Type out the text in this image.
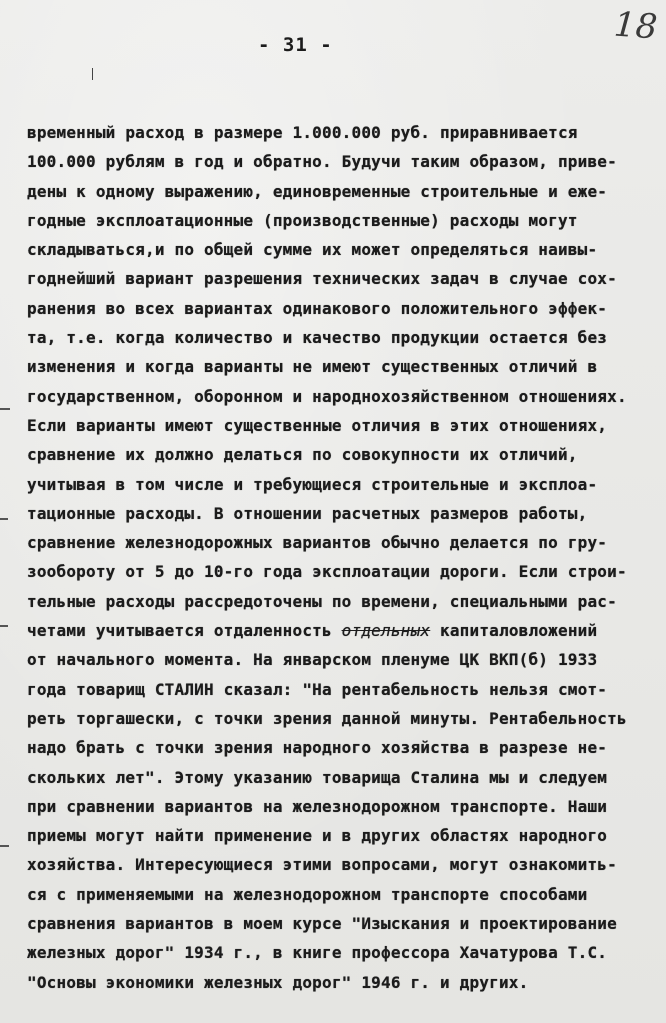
- 31 -	18
временный расход в размере 1.000.000 руб. приравнивается
100.000 рублям в год и обратно. Будучи таким образом, приве-
дены к одному выражению, единовременные строительные и еже-
годные эксплоатационные (производственные) расходы могут
складываться,и по общей сумме их может определяться наивы-
годнейший вариант разрешения технических задач в случае сох-
ранения во всех вариантах одинакового положительного эффек-
та, т.е. когда количество и качество продукции остается без
изменения и когда варианты не имеют существенных отличий в
государственном, оборонном и народнохозяйственном отношениях.
Если варианты имеют существенные отличия в этих отношениях,
сравнение их должно делаться по совокупности их отличий,
учитывая в том числе и требующиеся строительные и эксплоа-
тационные расходы. В отношении расчетных размеров работы,
сравнение железнодорожных вариантов обычно делается по гру-
зообороту от 5 до 10-го года эксплоатации дороги. Если строи-
тельные расходы рассредоточены по времени, специальными рас-
четами учитывается отдаленность отдельных капиталовложений
от начального момента. На январском пленуме ЦК ВКП(б) 1933
года товарищ СТАЛИН сказал: "На рентабельность нельзя смот-
реть торгашески, с точки зрения данной минуты. Рентабельность
надо брать с точки зрения народного хозяйства в разрезе не-
скольких лет". Этому указанию товарища Сталина мы и следуем
при сравнении вариантов на железнодорожном транспорте. Наши
приемы могут найти применение и в других областях народного
хозяйства. Интересующиеся этими вопросами, могут ознакомить-
ся с применяемыми на железнодорожном транспорте способами
сравнения вариантов в моем курсе "Изыскания и проектирование
железных дорог" 1934 г., в книге профессора Хачатурова Т.С.
"Основы экономики железных дорог" 1946 г. и других.
